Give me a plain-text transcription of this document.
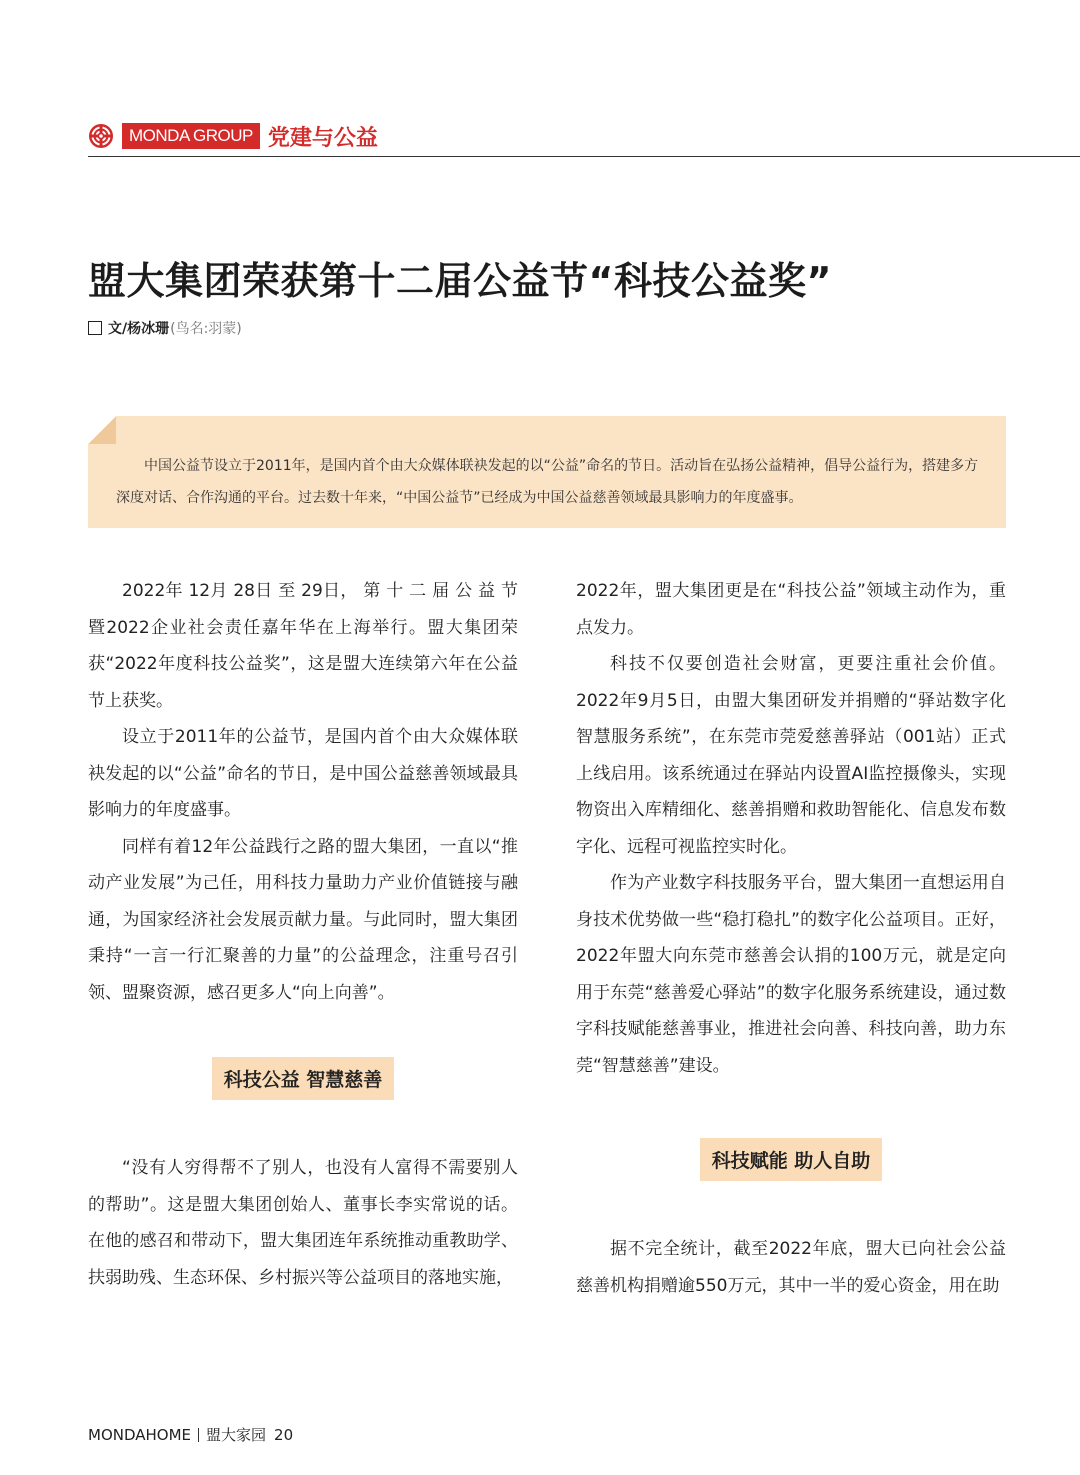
MONDA GROUP 党建与公益
盟大集团荣获第十二届公益节“科技公益奖”
文/杨冰珊 (鸟名:羽蒙)

中国公益节设立于2011年，是国内首个由大众媒体联袂发起的以“公益”命名的节日。活动旨在弘扬公益精神，倡导公益行为，搭建多方深度对话、合作沟通的平台。过去数十年来，“中国公益节”已经成为中国公益慈善领域最具影响力的年度盛事。

2022年 12月 28日 至 29日， 第 十 二 届 公 益 节 暨2022企业社会责任嘉年华在上海举行。盟大集团荣获“2022年度科技公益奖”，这是盟大连续第六年在公益节上获奖。

设立于2011年的公益节，是国内首个由大众媒体联袂发起的以“公益”命名的节日，是中国公益慈善领域最具影响力的年度盛事。

同样有着12年公益践行之路的盟大集团，一直以“推动产业发展”为己任，用科技力量助力产业价值链接与融通，为国家经济社会发展贡献力量。与此同时，盟大集团秉持“一言一行汇聚善的力量”的公益理念，注重号召引领、盟聚资源，感召更多人“向上向善”。

科技公益 智慧慈善

“没有人穷得帮不了别人，也没有人富得不需要别人的帮助”。这是盟大集团创始人、董事长李实常说的话。在他的感召和带动下，盟大集团连年系统推动重教助学、扶弱助残、生态环保、乡村振兴等公益项目的落地实施，

2022年，盟大集团更是在“科技公益”领域主动作为，重点发力。

科技不仅要创造社会财富，更要注重社会价值。2022年9月5日，由盟大集团研发并捐赠的“驿站数字化智慧服务系统”，在东莞市莞爱慈善驿站（001站）正式上线启用。该系统通过在驿站内设置AI监控摄像头，实现物资出入库精细化、慈善捐赠和救助智能化、信息发布数字化、远程可视监控实时化。

作为产业数字科技服务平台，盟大集团一直想运用自身技术优势做一些“稳打稳扎”的数字化公益项目。正好，2022年盟大向东莞市慈善会认捐的100万元，就是定向用于东莞“慈善爱心驿站”的数字化服务系统建设，通过数字科技赋能慈善事业，推进社会向善、科技向善，助力东莞“智慧慈善”建设。

科技赋能 助人自助

据不完全统计，截至2022年底，盟大已向社会公益慈善机构捐赠逾550万元，其中一半的爱心资金，用在助

MONDAHOME 盟大家园 20
